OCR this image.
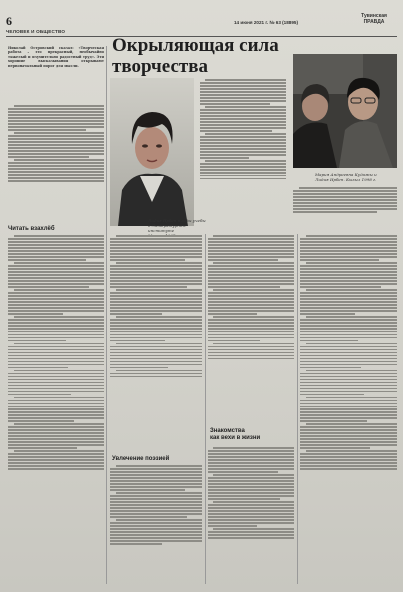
6
ЧЕЛОВЕК И ОБЩЕСТВО
14 июня 2021 г. № 63 (18895)
Тувинская
ПРАВДА
Николай Островский сказал: «Творческая работа – это прекрасный, необычайно тяжелый и изумительно радостный труд». Эти хорошие высказывания открывают первоначальный порог для мысли.
Окрыляющая сила
творчества
Лидия Ирбен в годы учебы
в Литературном институте
Мария Андреевна Кудажы и
Лидия Ирбен. Кызыл 1998 г.
Читать взахлёб
Увлечение поэзией
Знакомства
как вехи в жизни
